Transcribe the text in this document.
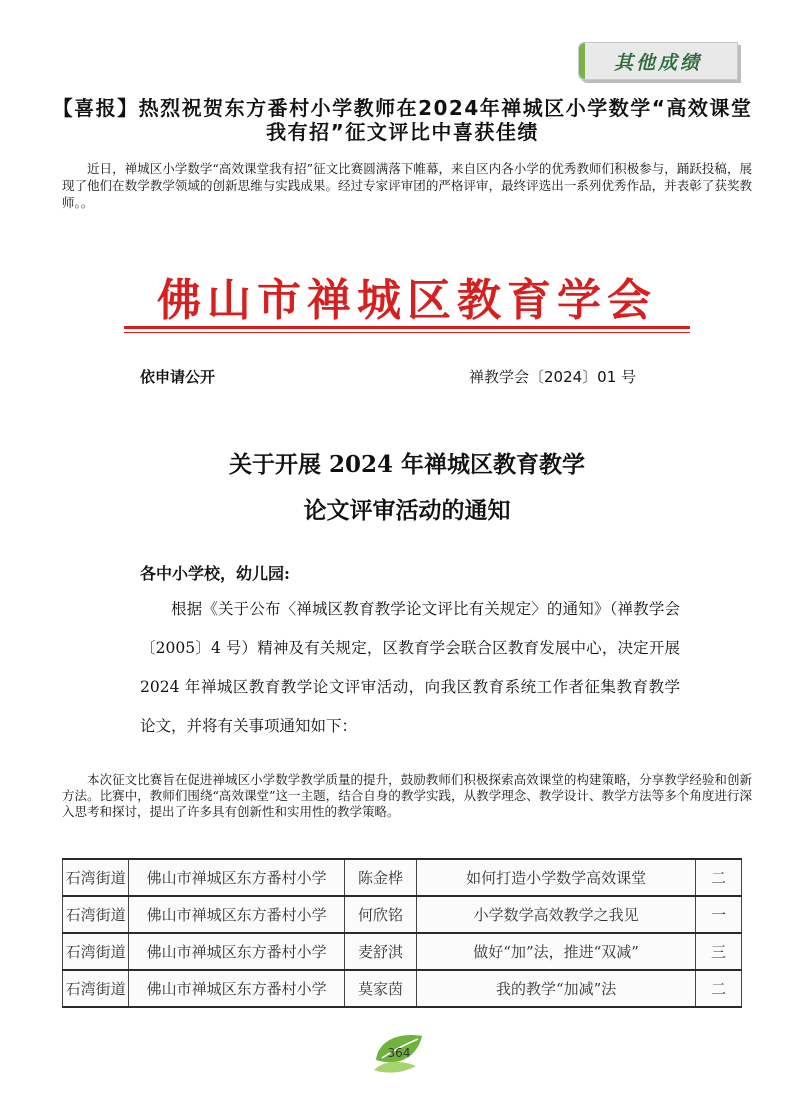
其他成绩
【喜报】热烈祝贺东方番村小学教师在2024年禅城区小学数学“高效课堂我有招”征文评比中喜获佳绩

近日，禅城区小学数学“高效课堂我有招”征文比赛圆满落下帷幕，来自区内各小学的优秀教师们积极参与，踊跃投稿，展现了他们在数学教学领域的创新思维与实践成果。经过专家评审团的严格评审，最终评选出一系列优秀作品，并表彰了获奖教师。。

佛山市禅城区教育学会
依申请公开	禅教学会〔2024〕01 号
关于开展 2024 年禅城区教育教学
论文评审活动的通知
各中小学校，幼儿园:
根据《关于公布〈禅城区教育教学论文评比有关规定〉的通知》（禅教学会〔2005〕4 号）精神及有关规定，区教育学会联合区教育发展中心，决定开展 2024 年禅城区教育教学论文评审活动，向我区教育系统工作者征集教育教学论文，并将有关事项通知如下：

本次征文比赛旨在促进禅城区小学数学教学质量的提升，鼓励教师们积极探索高效课堂的构建策略，分享教学经验和创新方法。比赛中，教师们围绕“高效课堂”这一主题，结合自身的教学实践，从教学理念、教学设计、教学方法等多个角度进行深入思考和探讨，提出了许多具有创新性和实用性的教学策略。

石湾街道	佛山市禅城区东方番村小学	陈金桦	如何打造小学数学高效课堂	二
石湾街道	佛山市禅城区东方番村小学	何欣铭	小学数学高效教学之我见	一
石湾街道	佛山市禅城区东方番村小学	麦舒淇	做好“加”法，推进“双减”	三
石湾街道	佛山市禅城区东方番村小学	莫家茵	我的教学“加减”法	二
364
